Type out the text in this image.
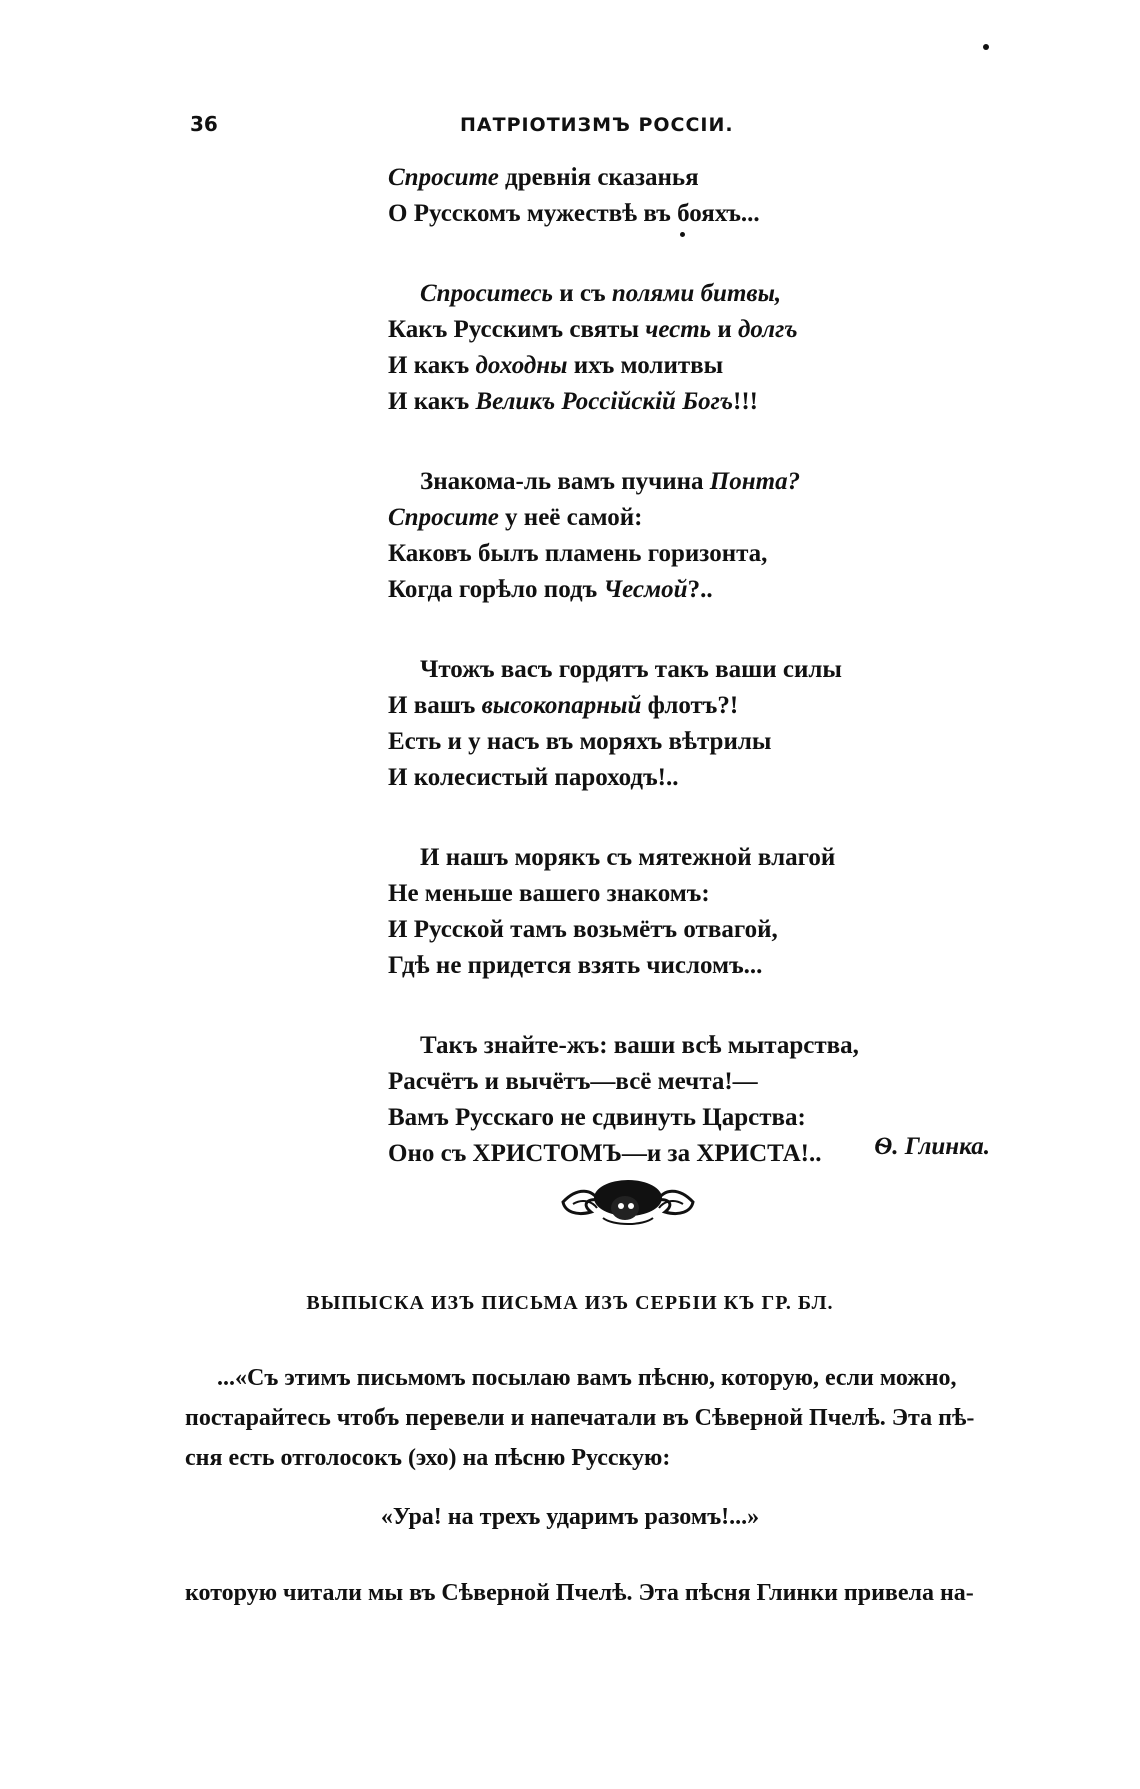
36	ПАТРІОТИЗМЪ РОССІИ.
Спросите древнія сказанья
О Русскомъ мужествѣ въ бояхъ...
Спроситесь и съ полями битвы,
Какъ Русскимъ святы честь и долгъ
И какъ доходны ихъ молитвы
И какъ Великъ Россійскій Богъ!!!
Знакома-ль вамъ пучина Понта?
Спросите у неё самой:
Каковъ былъ пламень горизонта,
Когда горѣло подъ Чесмой?..
Чтожъ васъ гордятъ такъ ваши силы
И вашъ высокопарный флотъ?!
Есть и у насъ въ моряхъ вѣтрилы
И колесистый пароходъ!..
И нашъ морякъ съ мятежной влагой
Не меньше вашего знакомъ:
И Русской тамъ возьмётъ отвагой,
Гдѣ не придется взять числомъ...
Такъ знайте-жъ: ваши всѣ мытарства,
Расчётъ и вычётъ—всё мечта!—
Вамъ Русскаго не сдвинуть Царства:
Оно съ ХРИСТОМЪ—и за ХРИСТА!..	Ѳ. Глинка.
ВЫПЫСКА ИЗЪ ПИСЬМА ИЗЪ СЕРБІИ КЪ ГР. БЛ.
...«Съ этимъ письмомъ посылаю вамъ пѣсню, которую, если можно,
постарайтесь чтобъ перевели и напечатали въ Сѣверной Пчелѣ. Эта пѣ-
сня есть отголосокъ (эхо) на пѣсню Русскую:
«Ура! на трехъ ударимъ разомъ!...»
которую читали мы въ Сѣверной Пчелѣ. Эта пѣсня Глинки привела на-
